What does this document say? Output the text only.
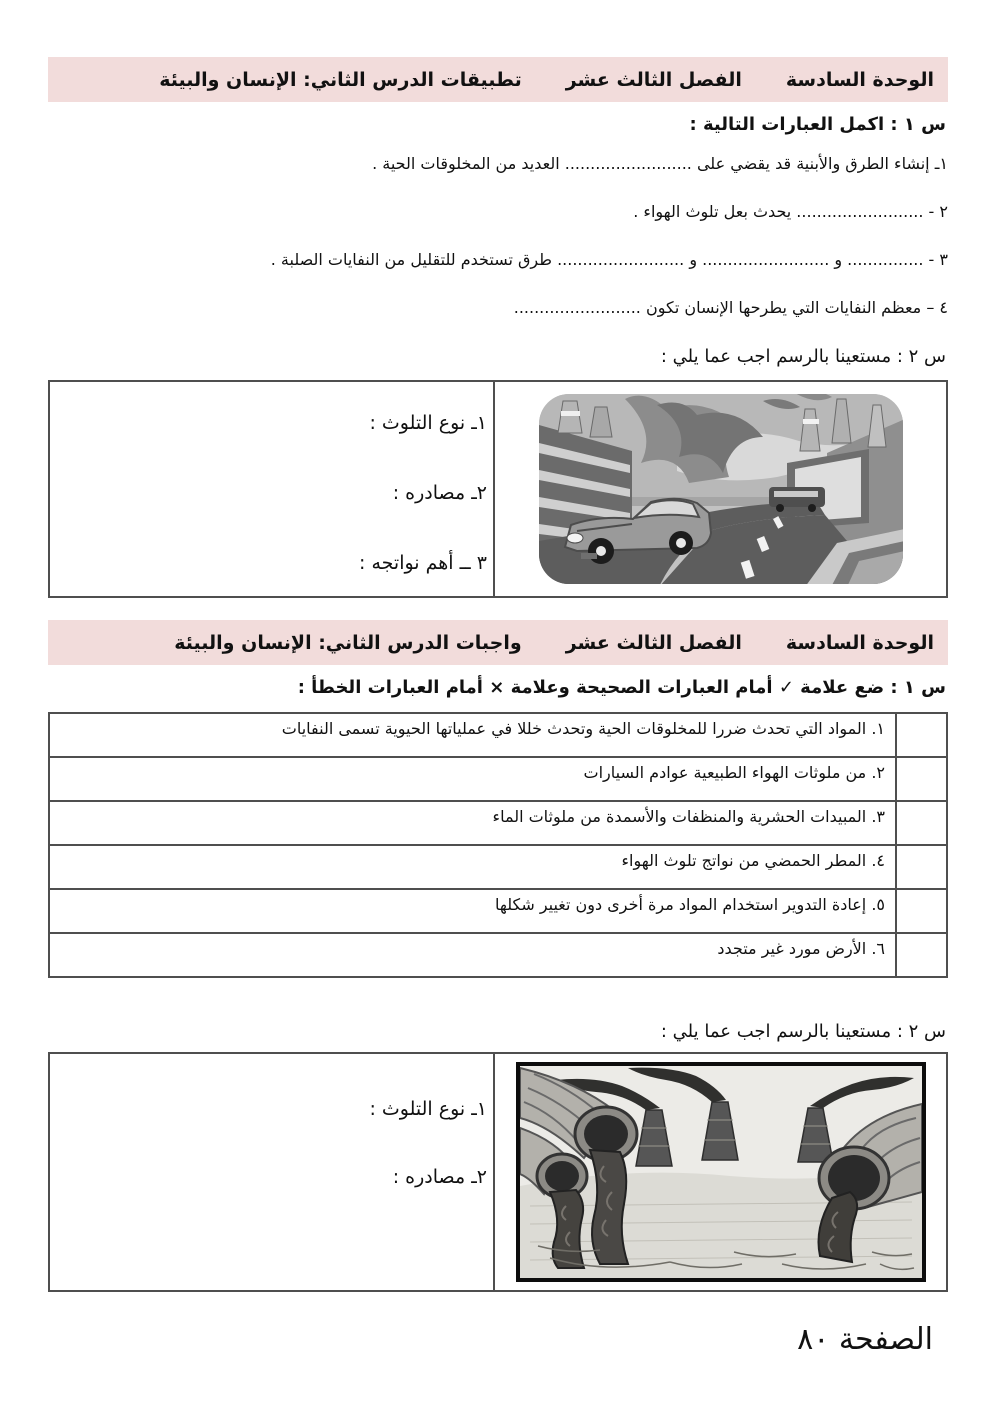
الوحدة السادسة
الفصل الثالث عشر
تطبيقات الدرس الثاني: الإنسان والبيئة
س ١ : اكمل العبارات التالية :
١ـ إنشاء الطرق والأبنية قد يقضي على ......................... العديد من المخلوقات الحية .
٢ - ......................... يحدث بعل تلوث الهواء .
٣ - ............... و ......................... و ......................... طرق تستخدم للتقليل من النفايات الصلبة .
٤ – معظم النفايات التي يطرحها الإنسان تكون .........................
س ٢ : مستعينا بالرسم اجب عما يلي :
١ـ نوع التلوث :
٢ـ مصادره :
٣ ــ أهم نواتجه :
الوحدة السادسة
الفصل الثالث عشر
واجبات الدرس الثاني: الإنسان والبيئة
س ١ : ضع علامة ✓ أمام العبارات الصحيحة وعلامة × أمام العبارات الخطأ :
	١. المواد التي تحدث ضررا للمخلوقات الحية وتحدث خللا في عملياتها الحيوية تسمى النفايات
	٢. من ملوثات الهواء الطبيعية عوادم السيارات
	٣. المبيدات الحشرية والمنظفات والأسمدة من ملوثات الماء
	٤. المطر الحمضي من نواتج تلوث الهواء
	٥. إعادة التدوير استخدام المواد مرة أخرى دون تغيير شكلها
	٦. الأرض مورد غير متجدد
س ٢ : مستعينا بالرسم اجب عما يلي :
١ـ نوع التلوث :
٢ـ مصادره :
الصفحة ٨٠
